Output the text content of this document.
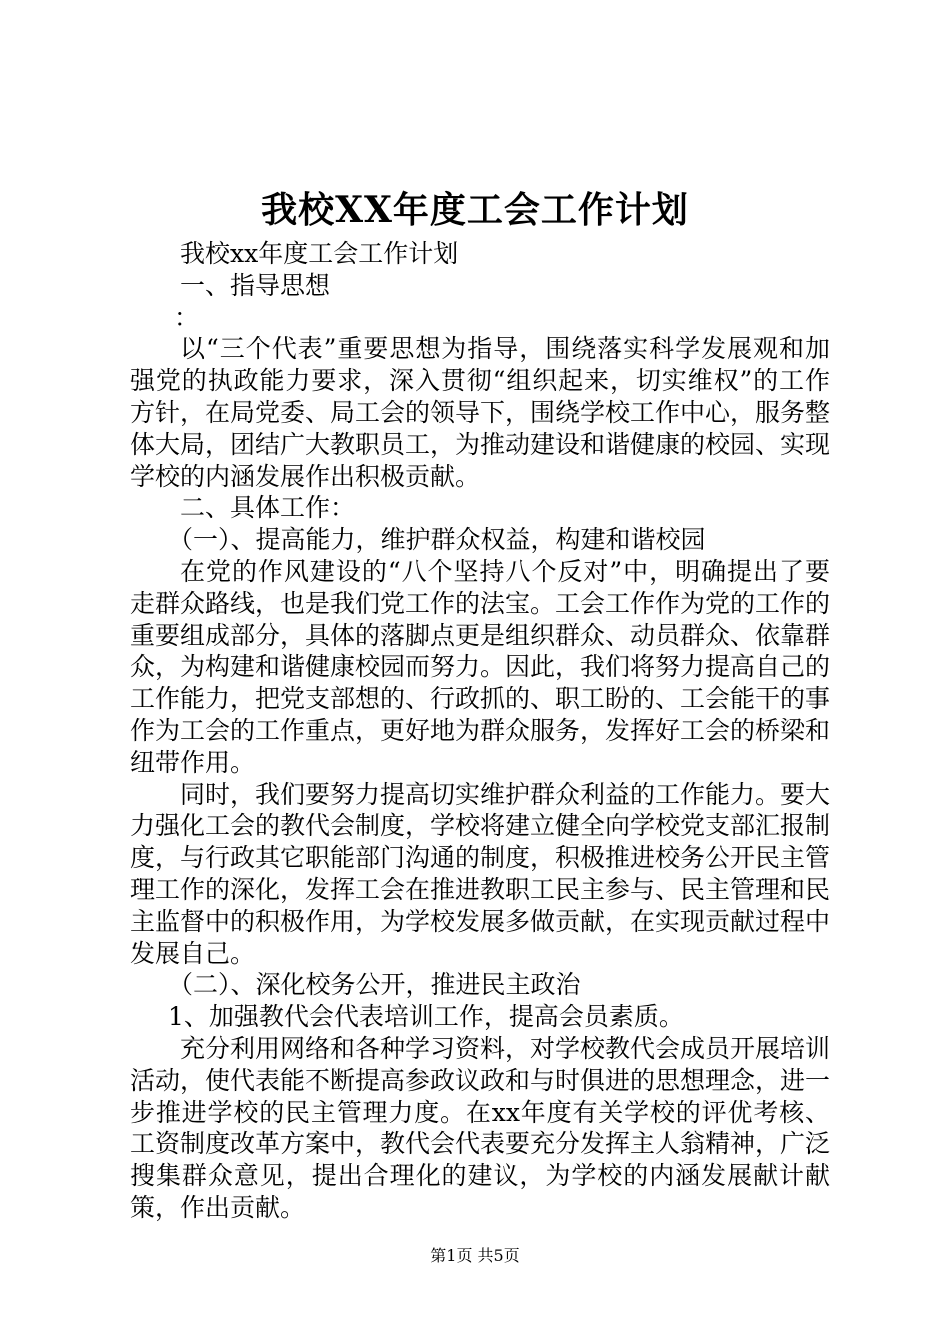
我校XX年度工会工作计划
我校xx年度工会工作计划
一、指导思想
：

以“三个代表”重要思想为指导，围绕落实科学发展观和加强党的执政能力要求，深入贯彻“组织起来，切实维权”的工作方针，在局党委、局工会的领导下，围绕学校工作中心，服务整体大局，团结广大教职员工，为推动建设和谐健康的校园、实现学校的内涵发展作出积极贡献。

二、具体工作：
（一）、提高能力，维护群众权益，构建和谐校园

在党的作风建设的“八个坚持八个反对”中，明确提出了要走群众路线，也是我们党工作的法宝。工会工作作为党的工作的重要组成部分，具体的落脚点更是组织群众、动员群众、依靠群众，为构建和谐健康校园而努力。因此，我们将努力提高自己的工作能力，把党支部想的、行政抓的、职工盼的、工会能干的事作为工会的工作重点，更好地为群众服务，发挥好工会的桥梁和纽带作用。

同时，我们要努力提高切实维护群众利益的工作能力。要大力强化工会的教代会制度，学校将建立健全向学校党支部汇报制度，与行政其它职能部门沟通的制度，积极推进校务公开民主管理工作的深化，发挥工会在推进教职工民主参与、民主管理和民主监督中的积极作用，为学校发展多做贡献，在实现贡献过程中发展自己。

（二）、深化校务公开，推进民主政治
1、加强教代会代表培训工作，提高会员素质。

充分利用网络和各种学习资料，对学校教代会成员开展培训活动，使代表能不断提高参政议政和与时俱进的思想理念，进一步推进学校的民主管理力度。在xx年度有关学校的评优考核、工资制度改革方案中，教代会代表要充分发挥主人翁精神，广泛搜集群众意见，提出合理化的建议，为学校的内涵发展献计献策，作出贡献。

第1页 共5页
